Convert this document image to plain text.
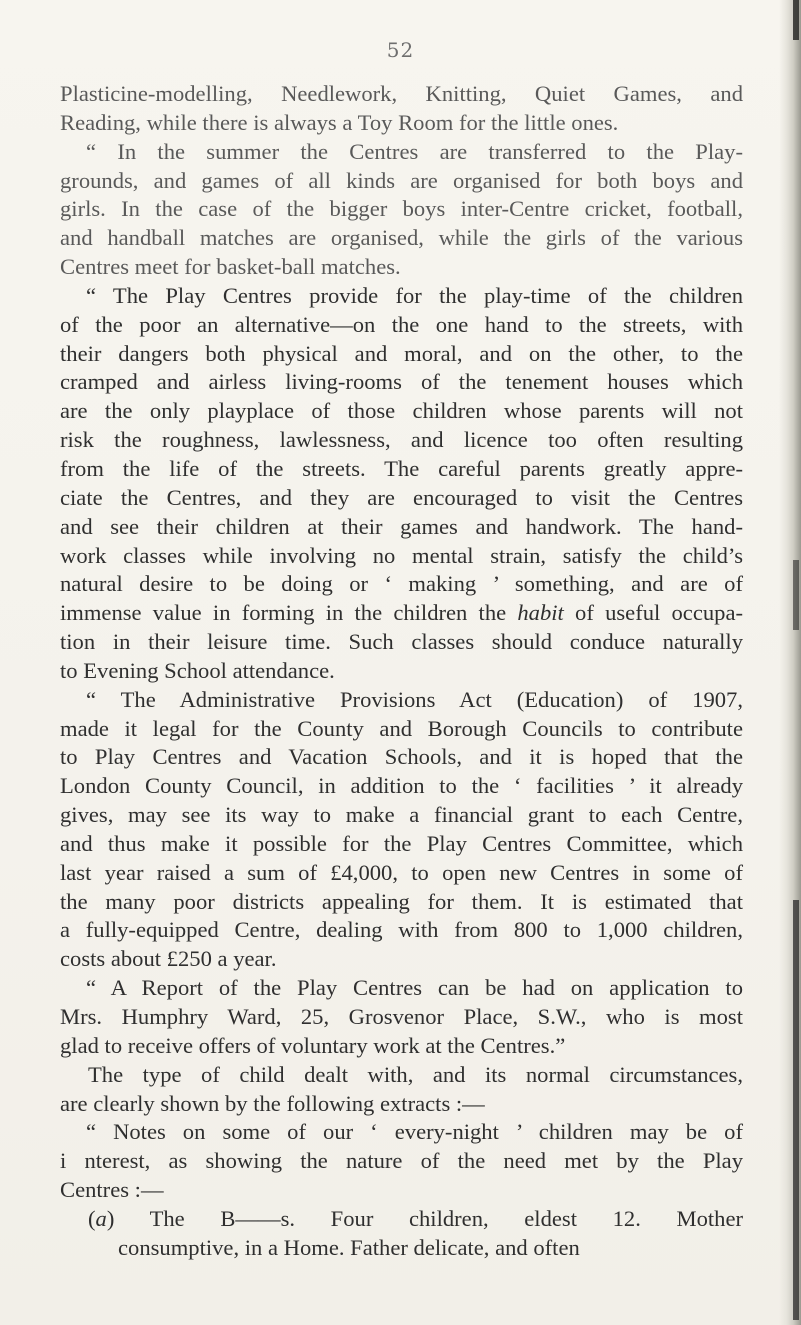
52
Plasticine-modelling, Needlework, Knitting, Quiet Games, and
Reading, while there is always a Toy Room for the little ones.
“ In the summer the Centres are transferred to the Play-
grounds, and games of all kinds are organised for both boys and
girls. In the case of the bigger boys inter-Centre cricket, football,
and handball matches are organised, while the girls of the various
Centres meet for basket-ball matches.
“ The Play Centres provide for the play-time of the children
of the poor an alternative—on the one hand to the streets, with
their dangers both physical and moral, and on the other, to the
cramped and airless living-rooms of the tenement houses which
are the only playplace of those children whose parents will not
risk the roughness, lawlessness, and licence too often resulting
from the life of the streets. The careful parents greatly appre-
ciate the Centres, and they are encouraged to visit the Centres
and see their children at their games and handwork. The hand-
work classes while involving no mental strain, satisfy the child’s
natural desire to be doing or ‘ making ’ something, and are of
immense value in forming in the children the habit of useful occupa-
tion in their leisure time. Such classes should conduce naturally
to Evening School attendance.
“ The Administrative Provisions Act (Education) of 1907,
made it legal for the County and Borough Councils to contribute
to Play Centres and Vacation Schools, and it is hoped that the
London County Council, in addition to the ‘ facilities ’ it already
gives, may see its way to make a financial grant to each Centre,
and thus make it possible for the Play Centres Committee, which
last year raised a sum of £4,000, to open new Centres in some of
the many poor districts appealing for them. It is estimated that
a fully-equipped Centre, dealing with from 800 to 1,000 children,
costs about £250 a year.
“ A Report of the Play Centres can be had on application to
Mrs. Humphry Ward, 25, Grosvenor Place, S.W., who is most
glad to receive offers of voluntary work at the Centres.”
The type of child dealt with, and its normal circumstances,
are clearly shown by the following extracts :—
“ Notes on some of our ‘ every-night ’ children may be of
i nterest, as showing the nature of the need met by the Play
Centres :—
(a) The B——s. Four children, eldest 12. Mother
consumptive, in a Home. Father delicate, and often
